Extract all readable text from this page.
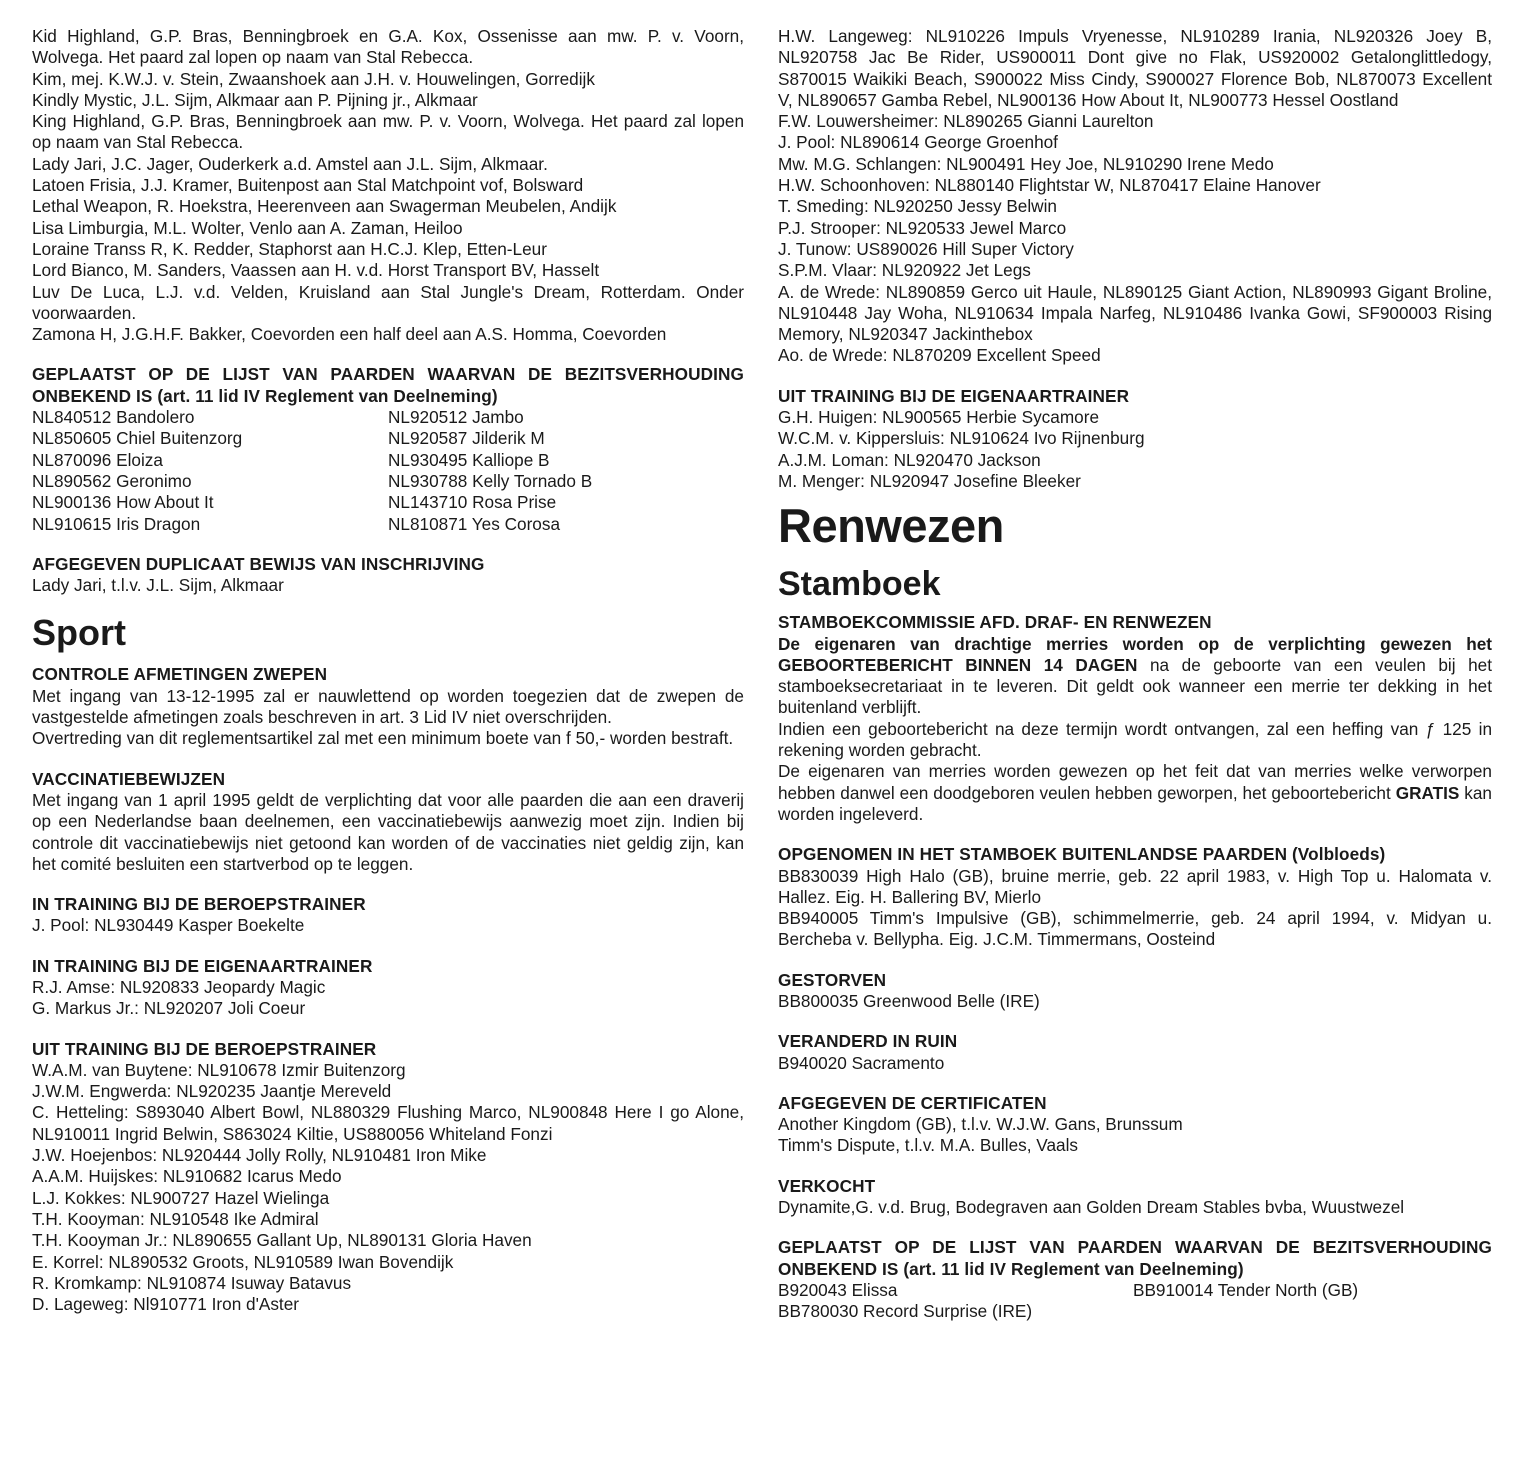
Kid Highland, G.P. Bras, Benningbroek en G.A. Kox, Ossenisse aan mw. P. v. Voorn, Wolvega. Het paard zal lopen op naam van Stal Rebecca.

Kim, mej. K.W.J. v. Stein, Zwaanshoek aan J.H. v. Houwelingen, Gorredijk

Kindly Mystic, J.L. Sijm, Alkmaar aan P. Pijning jr., Alkmaar

King Highland, G.P. Bras, Benningbroek aan mw. P. v. Voorn, Wolvega. Het paard zal lopen op naam van Stal Rebecca.

Lady Jari, J.C. Jager, Ouderkerk a.d. Amstel aan J.L. Sijm, Alkmaar.

Latoen Frisia, J.J. Kramer, Buitenpost aan Stal Matchpoint vof, Bolsward

Lethal Weapon, R. Hoekstra, Heerenveen aan Swagerman Meubelen, Andijk

Lisa Limburgia, M.L. Wolter, Venlo aan A. Zaman, Heiloo

Loraine Transs R, K. Redder, Staphorst aan H.C.J. Klep, Etten-Leur

Lord Bianco, M. Sanders, Vaassen aan H. v.d. Horst Transport BV, Hasselt

Luv De Luca, L.J. v.d. Velden, Kruisland aan Stal Jungle's Dream, Rotterdam. Onder voorwaarden.

Zamona H, J.G.H.F. Bakker, Coevorden een half deel aan A.S. Homma, Coevorden

GEPLAATST OP DE LIJST VAN PAARDEN WAARVAN DE BEZITSVERHOUDING ONBEKEND IS (art. 11 lid IV Reglement van Deelneming)

NL840512 Bandolero

NL850605 Chiel Buitenzorg

NL870096 Eloiza

NL890562 Geronimo

NL900136 How About It

NL910615 Iris Dragon

NL920512 Jambo

NL920587 Jilderik M

NL930495 Kalliope B

NL930788 Kelly Tornado B

NL143710 Rosa Prise

NL810871 Yes Corosa

AFGEGEVEN DUPLICAAT BEWIJS VAN INSCHRIJVING

Lady Jari, t.l.v. J.L. Sijm, Alkmaar

Sport

CONTROLE AFMETINGEN ZWEPEN

Met ingang van 13-12-1995 zal er nauwlettend op worden toegezien dat de zwepen de vastgestelde afmetingen zoals beschreven in art. 3 Lid IV niet overschrijden.

Overtreding van dit reglementsartikel zal met een minimum boete van f 50,- worden bestraft.

VACCINATIEBEWIJZEN

Met ingang van 1 april 1995 geldt de verplichting dat voor alle paarden die aan een draverij op een Nederlandse baan deelnemen, een vaccinatiebewijs aanwezig moet zijn. Indien bij controle dit vaccinatiebewijs niet getoond kan worden of de vaccinaties niet geldig zijn, kan het comité besluiten een startverbod op te leggen.

IN TRAINING BIJ DE BEROEPSTRAINER

J. Pool: NL930449 Kasper Boekelte

IN TRAINING BIJ DE EIGENAARTRAINER

R.J. Amse: NL920833 Jeopardy Magic

G. Markus Jr.: NL920207 Joli Coeur

UIT TRAINING BIJ DE BEROEPSTRAINER

W.A.M. van Buytene: NL910678 Izmir Buitenzorg

J.W.M. Engwerda: NL920235 Jaantje Mereveld

C. Hetteling: S893040 Albert Bowl, NL880329 Flushing Marco, NL900848 Here I go Alone, NL910011 Ingrid Belwin, S863024 Kiltie, US880056 Whiteland Fonzi

J.W. Hoejenbos: NL920444 Jolly Rolly, NL910481 Iron Mike

A.A.M. Huijskes: NL910682 Icarus Medo

L.J. Kokkes: NL900727 Hazel Wielinga

T.H. Kooyman: NL910548 Ike Admiral

T.H. Kooyman Jr.: NL890655 Gallant Up, NL890131 Gloria Haven

E. Korrel: NL890532 Groots, NL910589 Iwan Bovendijk

R. Kromkamp: NL910874 Isuway Batavus

D. Lageweg: Nl910771 Iron d'Aster

H.W. Langeweg: NL910226 Impuls Vryenesse, NL910289 Irania, NL920326 Joey B, NL920758 Jac Be Rider, US900011 Dont give no Flak, US920002 Getalonglittledogy, S870015 Waikiki Beach, S900022 Miss Cindy, S900027 Florence Bob, NL870073 Excellent V, NL890657 Gamba Rebel, NL900136 How About It, NL900773 Hessel Oostland

F.W. Louwersheimer: NL890265 Gianni Laurelton

J. Pool: NL890614 George Groenhof

Mw. M.G. Schlangen: NL900491 Hey Joe, NL910290 Irene Medo

H.W. Schoonhoven: NL880140 Flightstar W, NL870417 Elaine Hanover

T. Smeding: NL920250 Jessy Belwin

P.J. Strooper: NL920533 Jewel Marco

J. Tunow: US890026 Hill Super Victory

S.P.M. Vlaar: NL920922 Jet Legs

A. de Wrede: NL890859 Gerco uit Haule, NL890125 Giant Action, NL890993 Gigant Broline, NL910448 Jay Woha, NL910634 Impala Narfeg, NL910486 Ivanka Gowi, SF900003 Rising Memory, NL920347 Jackinthebox

Ao. de Wrede: NL870209 Excellent Speed

UIT TRAINING BIJ DE EIGENAARTRAINER

G.H. Huigen: NL900565 Herbie Sycamore

W.C.M. v. Kippersluis: NL910624 Ivo Rijnenburg

A.J.M. Loman: NL920470 Jackson

M. Menger: NL920947 Josefine Bleeker

Renwezen

Stamboek

STAMBOEKCOMMISSIE AFD. DRAF- EN RENWEZEN

De eigenaren van drachtige merries worden op de verplichting gewezen het GEBOORTEBERICHT BINNEN 14 DAGEN na de geboorte van een veulen bij het stamboeksecretariaat in te leveren. Dit geldt ook wanneer een merrie ter dekking in het buitenland verblijft.

Indien een geboortebericht na deze termijn wordt ontvangen, zal een heffing van ƒ 125 in rekening worden gebracht.

De eigenaren van merries worden gewezen op het feit dat van merries welke verworpen hebben danwel een doodgeboren veulen hebben geworpen, het geboortebericht GRATIS kan worden ingeleverd.

OPGENOMEN IN HET STAMBOEK BUITENLANDSE PAARDEN (Volbloeds)

BB830039 High Halo (GB), bruine merrie, geb. 22 april 1983, v. High Top u. Halomata v. Hallez. Eig. H. Ballering BV, Mierlo

BB940005 Timm's Impulsive (GB), schimmelmerrie, geb. 24 april 1994, v. Midyan u. Bercheba v. Bellypha. Eig. J.C.M. Timmermans, Oosteind

GESTORVEN

BB800035 Greenwood Belle (IRE)

VERANDERD IN RUIN

B940020 Sacramento

AFGEGEVEN DE CERTIFICATEN

Another Kingdom (GB), t.l.v. W.J.W. Gans, Brunssum

Timm's Dispute, t.l.v. M.A. Bulles, Vaals

VERKOCHT

Dynamite,G. v.d. Brug, Bodegraven aan Golden Dream Stables bvba, Wuustwezel

GEPLAATST OP DE LIJST VAN PAARDEN WAARVAN DE BEZITSVERHOUDING ONBEKEND IS (art. 11 lid IV Reglement van Deelneming)

B920043 Elissa

BB780030 Record Surprise (IRE)

BB910014 Tender North (GB)
